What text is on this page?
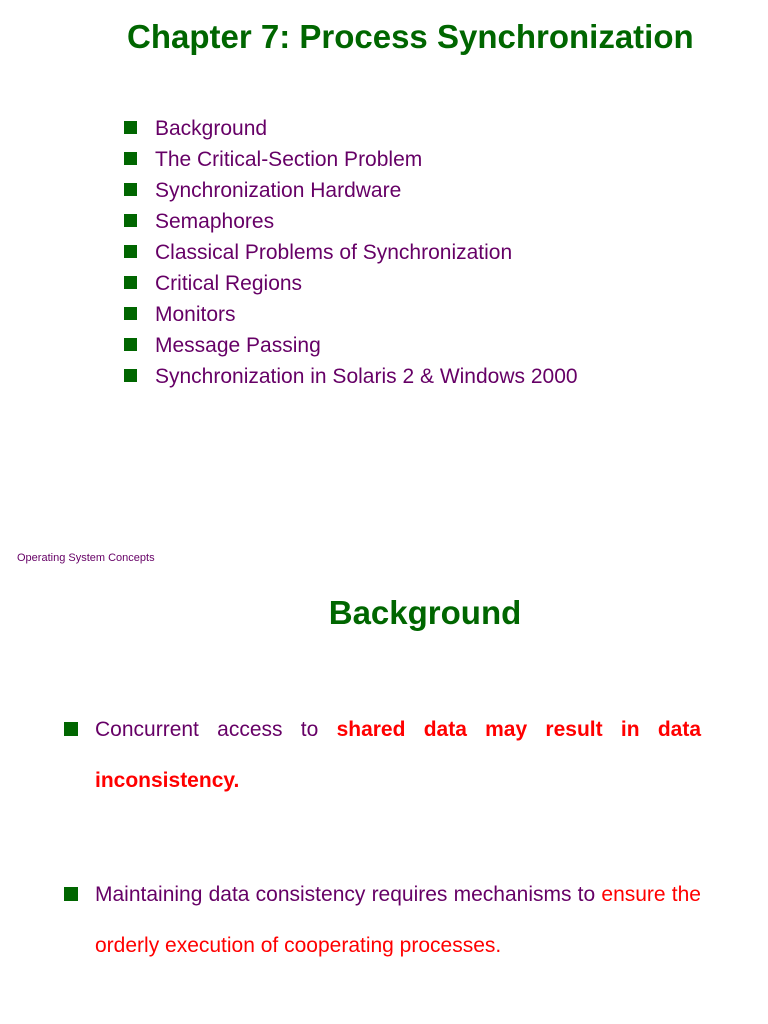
Chapter 7: Process Synchronization
Background
The Critical-Section Problem
Synchronization Hardware
Semaphores
Classical Problems of Synchronization
Critical Regions
Monitors
Message Passing
Synchronization in Solaris 2 & Windows 2000
Operating System Concepts
Background

Concurrent access to shared data may result in data inconsistency.

Maintaining data consistency requires mechanisms to ensure the orderly execution of cooperating processes.
